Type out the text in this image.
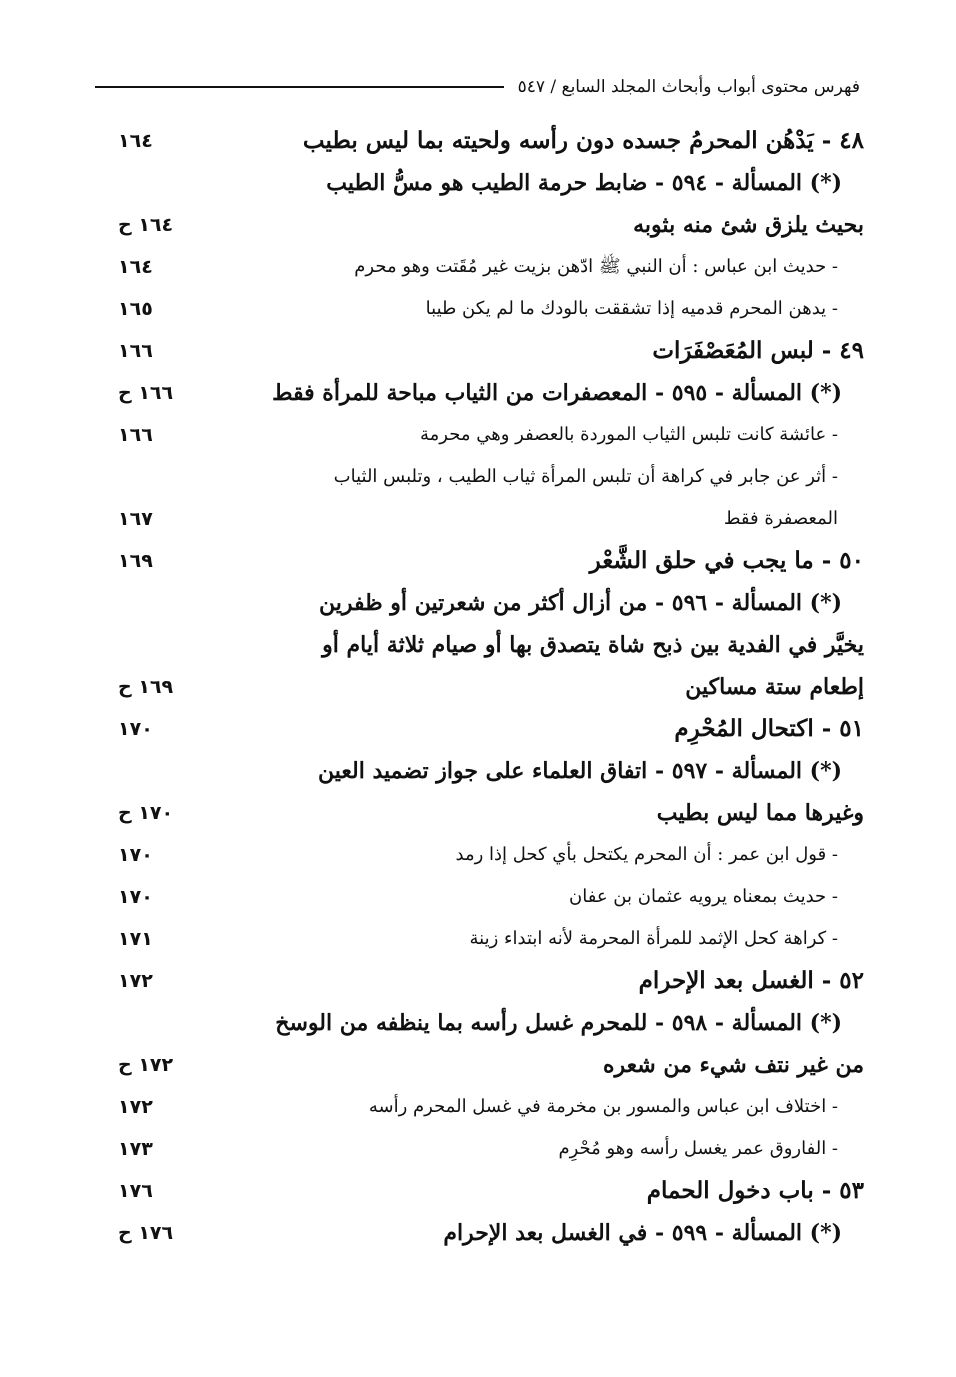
فهرس محتوى أبواب وأبحاث المجلد السابع / ٥٤٧
٤٨ - يَدْهُن المحرمُ جسده دون رأسه ولحيته بما ليس بطيب
١٦٤
(*) المسألة - ٥٩٤ - ضابط حرمة الطيب هو مسُّ الطيب
بحيث يلزق شئ منه بثوبه
١٦٤ ح
- حديث ابن عباس : أن النبي ﷺ ادّهن بزيت غير مُقَتت وهو محرم
١٦٤
- يدهن المحرم قدميه إذا تشققت بالودك ما لم يكن طيبا
١٦٥
٤٩ - لبس المُعَصْفَرَات
١٦٦
(*) المسألة - ٥٩٥ - المعصفرات من الثياب مباحة للمرأة فقط
١٦٦ ح
- عائشة كانت تلبس الثياب الموردة بالعصفر وهي محرمة
١٦٦
- أثر عن جابر في كراهة أن تلبس المرأة ثياب الطيب ، وتلبس الثياب
المعصفرة فقط
١٦٧
٥٠ - ما يجب في حلق الشَّعْر
١٦٩
(*) المسألة - ٥٩٦ - من أزال أكثر من شعرتين أو ظفرين
يخيَّر في الفدية بين ذبح شاة يتصدق بها أو صيام ثلاثة أيام أو
إطعام ستة مساكين
١٦٩ ح
٥١ - اكتحال المُحْرِم
١٧٠
(*) المسألة - ٥٩٧ - اتفاق العلماء على جواز تضميد العين
وغيرها مما ليس بطيب
١٧٠ ح
- قول ابن عمر : أن المحرم يكتحل بأي كحل إذا رمد
١٧٠
- حديث بمعناه يرويه عثمان بن عفان
١٧٠
- كراهة كحل الإثمد للمرأة المحرمة لأنه ابتداء زينة
١٧١
٥٢ - الغسل بعد الإحرام
١٧٢
(*) المسألة - ٥٩٨ - للمحرم غسل رأسه بما ينظفه من الوسخ
من غير نتف شيء من شعره
١٧٢ ح
- اختلاف ابن عباس والمسور بن مخرمة في غسل المحرم رأسه
١٧٢
- الفاروق عمر يغسل رأسه وهو مُحْرِم
١٧٣
٥٣ - باب دخول الحمام
١٧٦
(*) المسألة - ٥٩٩ - في الغسل بعد الإحرام
١٧٦ ح
